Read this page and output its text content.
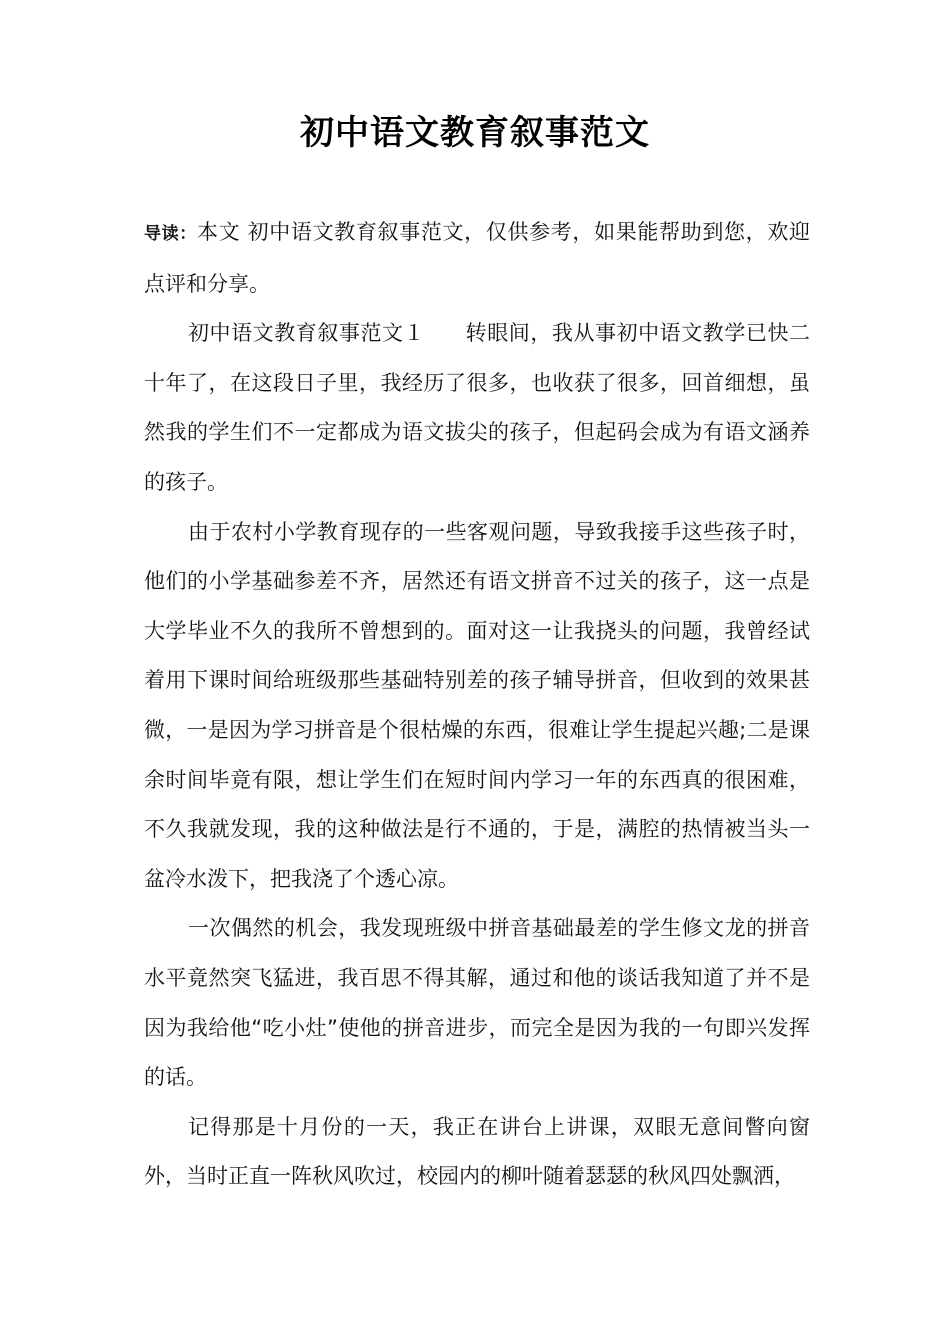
初中语文教育叙事范文

导读：本文 初中语文教育叙事范文，仅供参考，如果能帮助到您，欢迎点评和分享。

初中语文教育叙事范文１ 转眼间，我从事初中语文教学已快二十年了，在这段日子里，我经历了很多，也收获了很多，回首细想，虽然我的学生们不一定都成为语文拔尖的孩子，但起码会成为有语文涵养的孩子。

由于农村小学教育现存的一些客观问题，导致我接手这些孩子时，他们的小学基础参差不齐，居然还有语文拼音不过关的孩子，这一点是大学毕业不久的我所不曾想到的。面对这一让我挠头的问题，我曾经试着用下课时间给班级那些基础特别差的孩子辅导拼音，但收到的效果甚微，一是因为学习拼音是个很枯燥的东西，很难让学生提起兴趣;二是课余时间毕竟有限，想让学生们在短时间内学习一年的东西真的很困难，不久我就发现，我的这种做法是行不通的，于是，满腔的热情被当头一盆冷水泼下，把我浇了个透心凉。

一次偶然的机会，我发现班级中拼音基础最差的学生修文龙的拼音水平竟然突飞猛进，我百思不得其解，通过和他的谈话我知道了并不是因为我给他“吃小灶”使他的拼音进步，而完全是因为我的一句即兴发挥的话。

记得那是十月份的一天，我正在讲台上讲课，双眼无意间瞥向窗外，当时正直一阵秋风吹过，校园内的柳叶随着瑟瑟的秋风四处飘洒，
